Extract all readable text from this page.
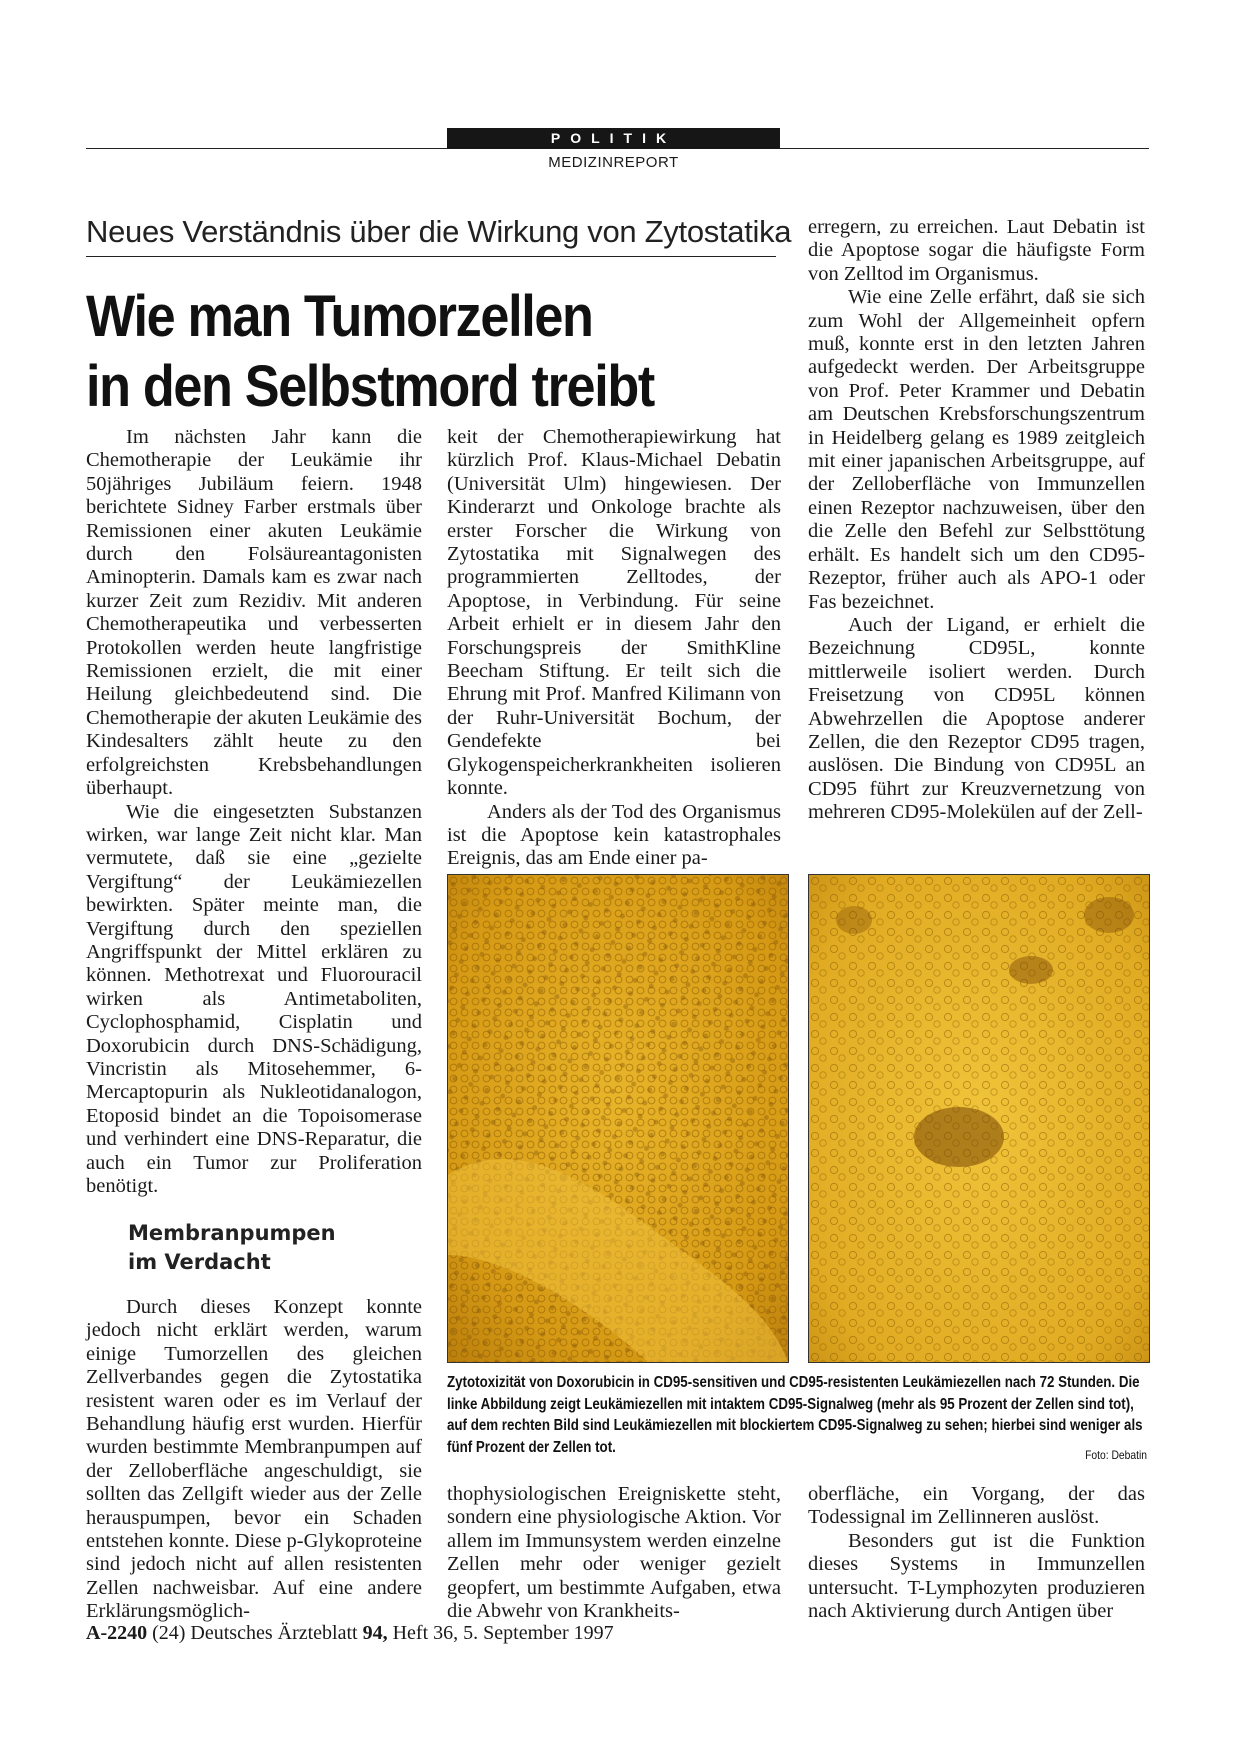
POLITIK
MEDIZINREPORT
Neues Verständnis über die Wirkung von Zytostatika
Wie man Tumorzellen
in den Selbstmord treibt

Im nächsten Jahr kann die Chemotherapie der Leukämie ihr 50jähriges Jubiläum feiern. 1948 berichtete Sidney Farber erstmals über Remissionen einer akuten Leukämie durch den Folsäureantagonisten Aminopterin. Damals kam es zwar nach kurzer Zeit zum Rezidiv. Mit anderen Chemotherapeutika und verbesserten Protokollen werden heute langfristige Remissionen erzielt, die mit einer Heilung gleichbedeutend sind. Die Chemotherapie der akuten Leukämie des Kindesalters zählt heute zu den erfolgreichsten Krebsbehandlungen überhaupt.

Wie die eingesetzten Substanzen wirken, war lange Zeit nicht klar. Man vermutete, daß sie eine „gezielte Vergiftung“ der Leukämiezellen bewirkten. Später meinte man, die Vergiftung durch den speziellen Angriffspunkt der Mittel erklären zu können. Methotrexat und Fluorouracil wirken als Antimetaboliten, Cyclophosphamid, Cisplatin und Doxorubicin durch DNS-Schädigung, Vincristin als Mitosehemmer, 6-Mercaptopurin als Nukleotidanalogon, Etoposid bindet an die Topoisomerase und verhindert eine DNS-Reparatur, die auch ein Tumor zur Proliferation benötigt.

Membranpumpen
im Verdacht

Durch dieses Konzept konnte jedoch nicht erklärt werden, warum einige Tumorzellen des gleichen Zellverbandes gegen die Zytostatika resistent waren oder es im Verlauf der Behandlung häufig erst wurden. Hierfür wurden bestimmte Membranpumpen auf der Zelloberfläche angeschuldigt, sie sollten das Zellgift wieder aus der Zelle herauspumpen, bevor ein Schaden entstehen konnte. Diese p-Glykoproteine sind jedoch nicht auf allen resistenten Zellen nachweisbar. Auf eine andere Erklärungsmöglich-

keit der Chemotherapiewirkung hat kürzlich Prof. Klaus-Michael Debatin (Universität Ulm) hingewiesen. Der Kinderarzt und Onkologe brachte als erster Forscher die Wirkung von Zytostatika mit Signalwegen des programmierten Zelltodes, der Apoptose, in Verbindung. Für seine Arbeit erhielt er in diesem Jahr den Forschungspreis der SmithKline Beecham Stiftung. Er teilt sich die Ehrung mit Prof. Manfred Kilimann von der Ruhr-Universität Bochum, der Gendefekte bei Glykogenspeicherkrankheiten isolieren konnte.

Anders als der Tod des Organismus ist die Apoptose kein katastrophales Ereignis, das am Ende einer pa-

erregern, zu erreichen. Laut Debatin ist die Apoptose sogar die häufigste Form von Zelltod im Organismus.

Wie eine Zelle erfährt, daß sie sich zum Wohl der Allgemeinheit opfern muß, konnte erst in den letzten Jahren aufgedeckt werden. Der Arbeitsgruppe von Prof. Peter Krammer und Debatin am Deutschen Krebsforschungszentrum in Heidelberg gelang es 1989 zeitgleich mit einer japanischen Arbeitsgruppe, auf der Zelloberfläche von Immunzellen einen Rezeptor nachzuweisen, über den die Zelle den Befehl zur Selbsttötung erhält. Es handelt sich um den CD95-Rezeptor, früher auch als APO-1 oder Fas bezeichnet.

Auch der Ligand, er erhielt die Bezeichnung CD95L, konnte mittlerweile isoliert werden. Durch Freisetzung von CD95L können Abwehrzellen die Apoptose anderer Zellen, die den Rezeptor CD95 tragen, auslösen. Die Bindung von CD95L an CD95 führt zur Kreuzvernetzung von mehreren CD95-Molekülen auf der Zell-

Zytotoxizität von Doxorubicin in CD95-sensitiven und CD95-resistenten Leukämiezellen nach 72 Stunden. Die linke Abbildung zeigt Leukämiezellen mit intaktem CD95-Signalweg (mehr als 95 Prozent der Zellen sind tot), auf dem rechten Bild sind Leukämiezellen mit blockiertem CD95-Signalweg zu sehen; hierbei sind weniger als fünf Prozent der Zellen tot.	Foto: Debatin

thophysiologischen Ereigniskette steht, sondern eine physiologische Aktion. Vor allem im Immunsystem werden einzelne Zellen mehr oder weniger gezielt geopfert, um bestimmte Aufgaben, etwa die Abwehr von Krankheits-

oberfläche, ein Vorgang, der das Todessignal im Zellinneren auslöst.

Besonders gut ist die Funktion dieses Systems in Immunzellen untersucht. T-Lymphozyten produzieren nach Aktivierung durch Antigen über

A-2240 (24) Deutsches Ärzteblatt 94, Heft 36, 5. September 1997
